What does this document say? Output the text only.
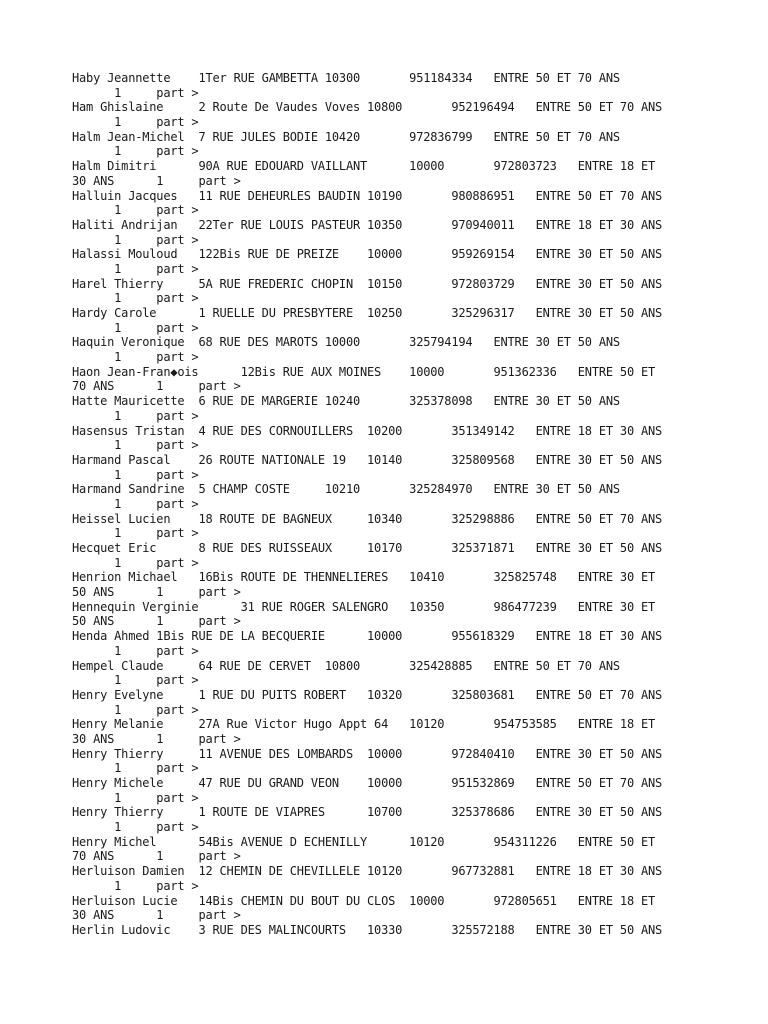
Haby Jeannette    1Ter RUE GAMBETTA 10300       951184334   ENTRE 50 ET 70 ANS
1     part >
Ham Ghislaine     2 Route De Vaudes Voves 10800       952196494   ENTRE 50 ET 70 ANS
1     part >
Halm Jean-Michel  7 RUE JULES BODIE 10420       972836799   ENTRE 50 ET 70 ANS
1     part >
Halm Dimitri      90A RUE EDOUARD VAILLANT      10000       972803723   ENTRE 18 ET
30 ANS      1     part >
Halluin Jacques   11 RUE DEHEURLES BAUDIN 10190       980886951   ENTRE 50 ET 70 ANS
1     part >
Haliti Andrijan   22Ter RUE LOUIS PASTEUR 10350       970940011   ENTRE 18 ET 30 ANS
1     part >
Halassi Mouloud   122Bis RUE DE PREIZE    10000       959269154   ENTRE 30 ET 50 ANS
1     part >
Harel Thierry     5A RUE FREDERIC CHOPIN  10150       972803729   ENTRE 30 ET 50 ANS
1     part >
Hardy Carole      1 RUELLE DU PRESBYTERE  10250       325296317   ENTRE 30 ET 50 ANS
1     part >
Haquin Veronique  68 RUE DES MAROTS 10000       325794194   ENTRE 30 ET 50 ANS
1     part >
Haon Jean-Fran◆ois      12Bis RUE AUX MOINES    10000       951362336   ENTRE 50 ET
70 ANS      1     part >
Hatte Mauricette  6 RUE DE MARGERIE 10240       325378098   ENTRE 30 ET 50 ANS
1     part >
Hasensus Tristan  4 RUE DES CORNOUILLERS  10200       351349142   ENTRE 18 ET 30 ANS
1     part >
Harmand Pascal    26 ROUTE NATIONALE 19   10140       325809568   ENTRE 30 ET 50 ANS
1     part >
Harmand Sandrine  5 CHAMP COSTE     10210       325284970   ENTRE 30 ET 50 ANS
1     part >
Heissel Lucien    18 ROUTE DE BAGNEUX     10340       325298886   ENTRE 50 ET 70 ANS
1     part >
Hecquet Eric      8 RUE DES RUISSEAUX     10170       325371871   ENTRE 30 ET 50 ANS
1     part >
Henrion Michael   16Bis ROUTE DE THENNELIERES   10410       325825748   ENTRE 30 ET
50 ANS      1     part >
Hennequin Verginie      31 RUE ROGER SALENGRO   10350       986477239   ENTRE 30 ET
50 ANS      1     part >
Henda Ahmed 1Bis RUE DE LA BECQUERIE      10000       955618329   ENTRE 18 ET 30 ANS
1     part >
Hempel Claude     64 RUE DE CERVET  10800       325428885   ENTRE 50 ET 70 ANS
1     part >
Henry Evelyne     1 RUE DU PUITS ROBERT   10320       325803681   ENTRE 50 ET 70 ANS
1     part >
Henry Melanie     27A Rue Victor Hugo Appt 64   10120       954753585   ENTRE 18 ET
30 ANS      1     part >
Henry Thierry     11 AVENUE DES LOMBARDS  10000       972840410   ENTRE 30 ET 50 ANS
1     part >
Henry Michele     47 RUE DU GRAND VEON    10000       951532869   ENTRE 50 ET 70 ANS
1     part >
Henry Thierry     1 ROUTE DE VIAPRES      10700       325378686   ENTRE 30 ET 50 ANS
1     part >
Henry Michel      54Bis AVENUE D ECHENILLY      10120       954311226   ENTRE 50 ET
70 ANS      1     part >
Herluison Damien  12 CHEMIN DE CHEVILLELE 10120       967732881   ENTRE 18 ET 30 ANS
1     part >
Herluison Lucie   14Bis CHEMIN DU BOUT DU CLOS  10000       972805651   ENTRE 18 ET
30 ANS      1     part >
Herlin Ludovic    3 RUE DES MALINCOURTS   10330       325572188   ENTRE 30 ET 50 ANS
